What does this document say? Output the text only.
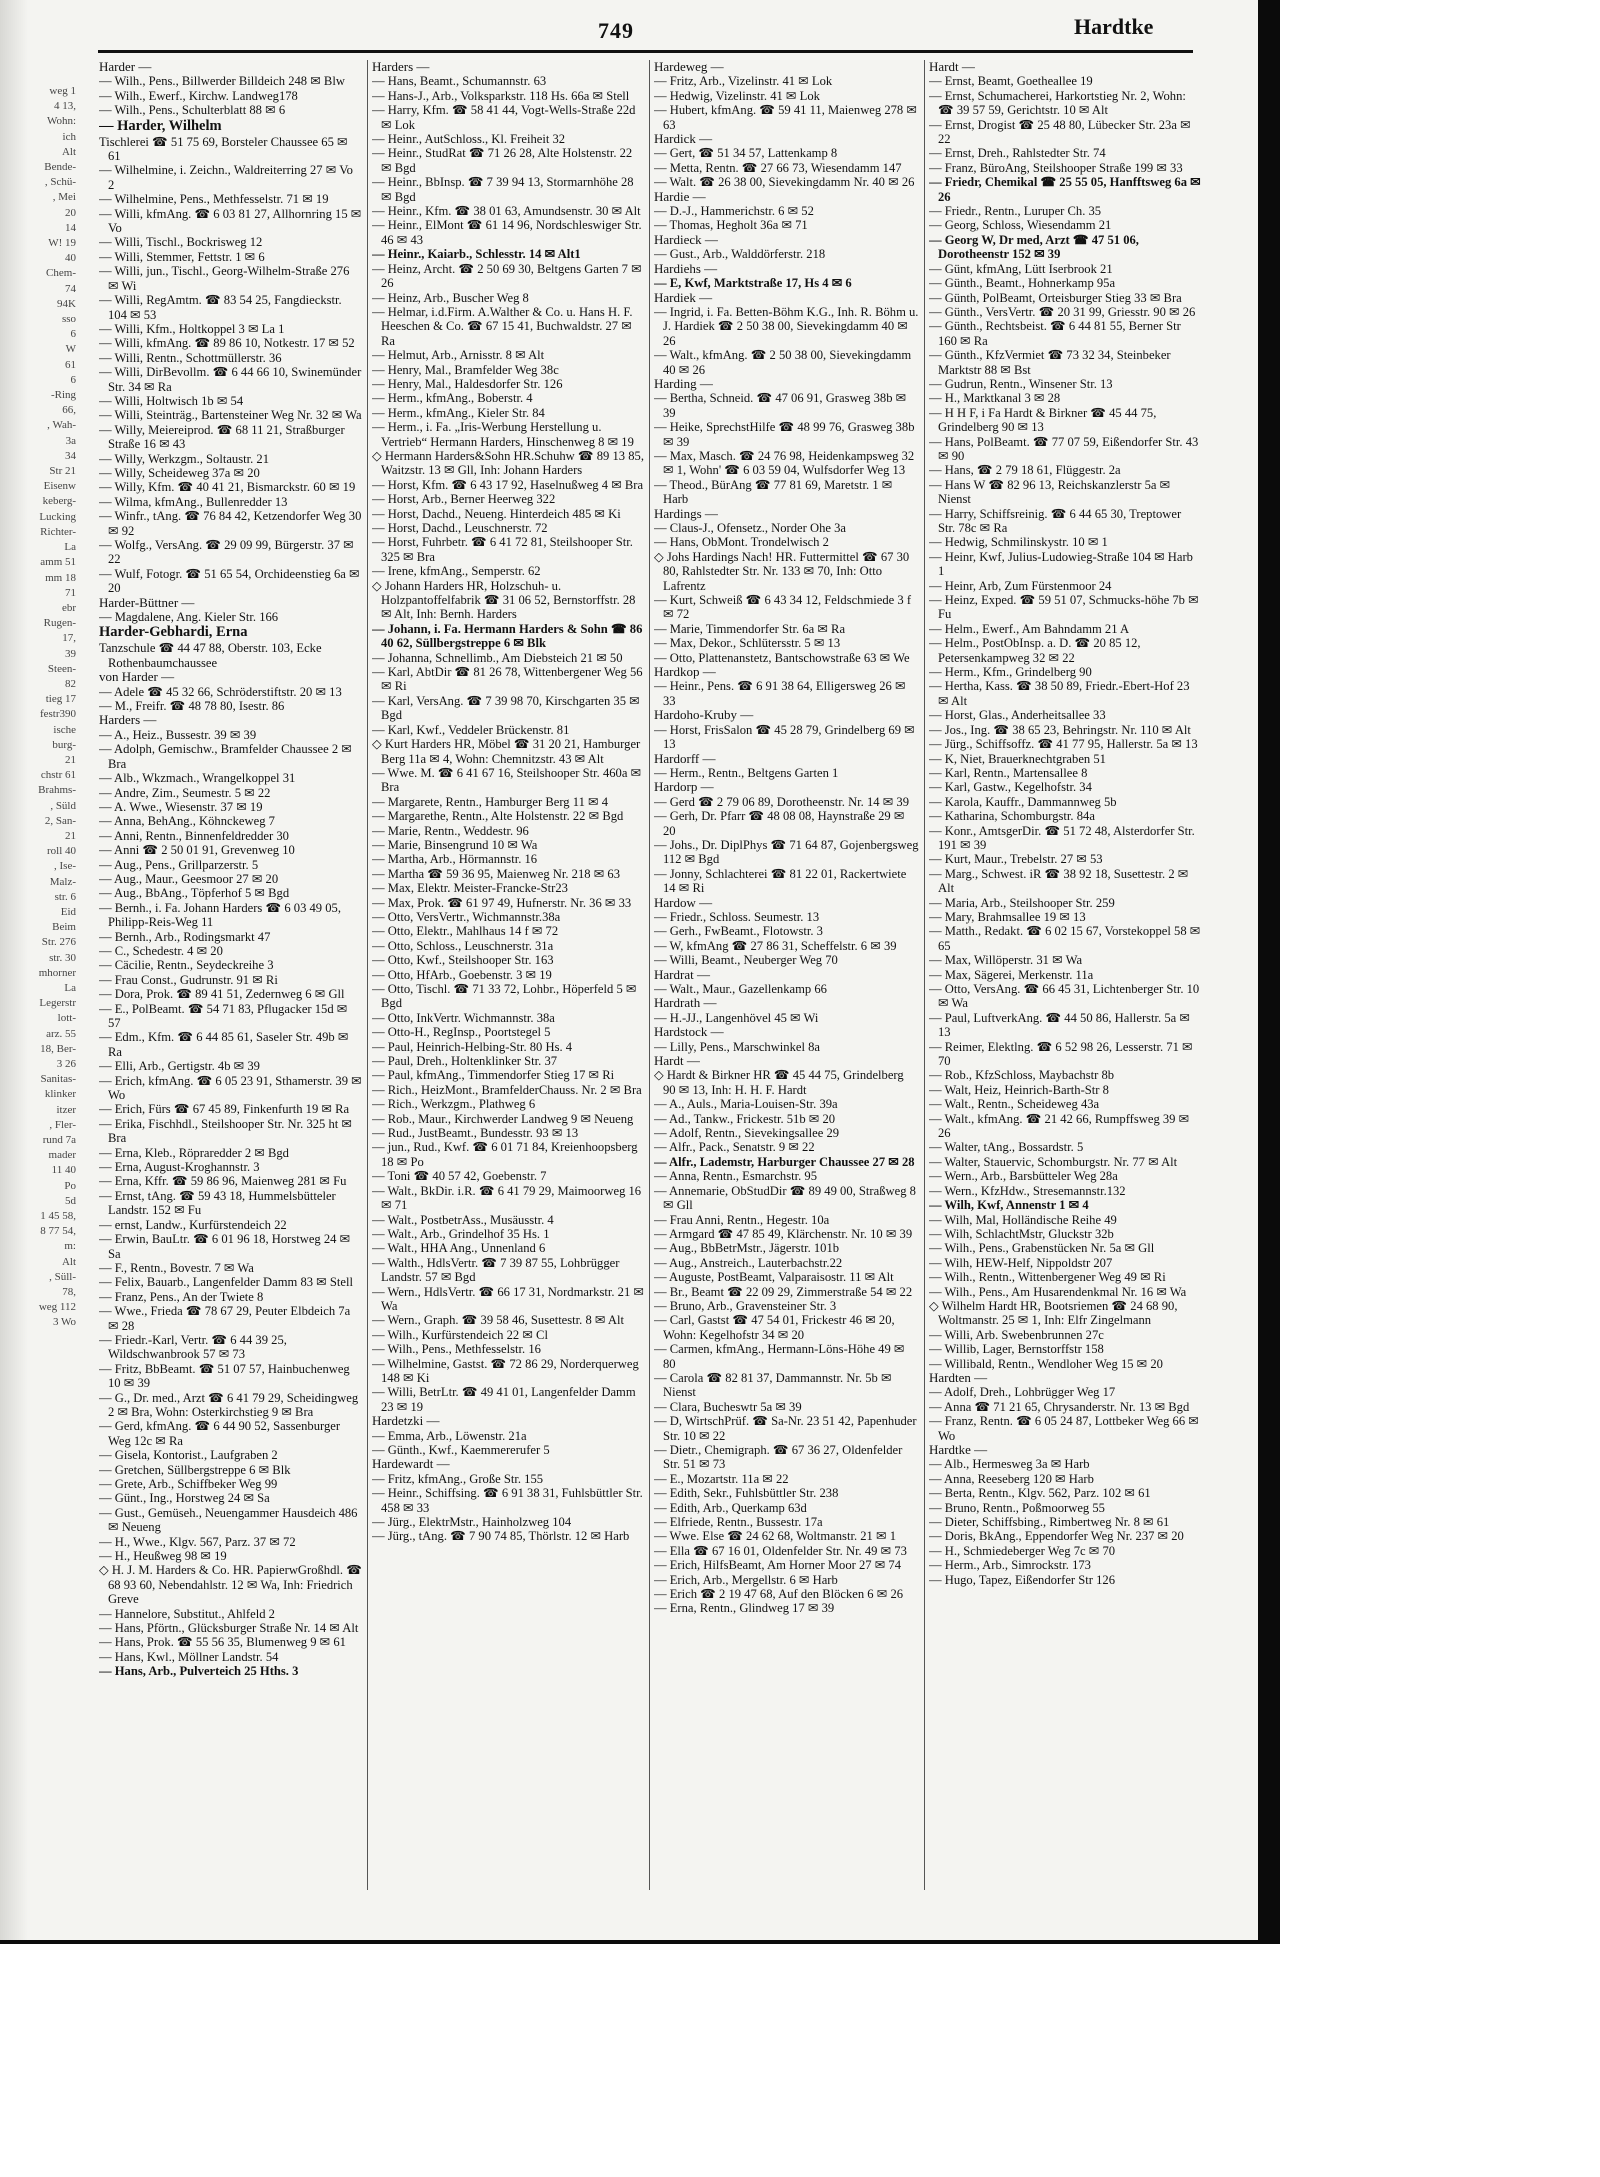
weg 1
4 13,
Wohn:
ich
Alt
Bende-
, Schü-
, Mei
20
14
W! 19
40
Chem-
74
94K
sso
6
W
61
6
-Ring
66,
, Wah-
3a
34
Str 21
Eisenw
keberg-
Lucking
Richter-
La
amm 51
mm 18
71
ebr
Rugen-
17,
39
Steen-
82
tieg 17
festr390
ische
burg-
21
chstr 61
Brahms-
, Süld
2, San-
21
roll 40
, Ise-
Malz-
str. 6
Eid
Beim
Str. 276
str. 30
mhorner
La
Legerstr
lott-
arz. 55
18, Ber-
3 26
Sanitas-
klinker
itzer
, Fler-
rund 7a
mader
11 40
Po
5d
1 45 58,
8 77 54,
m:
Alt
, Süll-
78,
weg 112
3 Wo
749	Hardtke

Harder —

— Wilh., Pens., Billwerder Billdeich 248 ✉ Blw

— Wilh., Ewerf., Kirchw. Landweg178

— Wilh., Pens., Schulterblatt 88 ✉ 6

— Harder, Wilhelm

Tischlerei ☎ 51 75 69, Borsteler Chaussee 65 ✉ 61

— Wilhelmine, i. Zeichn., Waldreiterring 27 ✉ Vo 2

— Wilhelmine, Pens., Methfesselstr. 71 ✉ 19

— Willi, kfmAng. ☎ 6 03 81 27, Allhornring 15 ✉ Vo

— Willi, Tischl., Bockrisweg 12

— Willi, Stemmer, Fettstr. 1 ✉ 6

— Willi, jun., Tischl., Georg-Wilhelm-Straße 276 ✉ Wi

— Willi, RegAmtm. ☎ 83 54 25, Fangdieckstr. 104 ✉ 53

— Willi, Kfm., Holtkoppel 3 ✉ La 1

— Willi, kfmAng. ☎ 89 86 10, Notkestr. 17 ✉ 52

— Willi, Rentn., Schottmüllerstr. 36

— Willi, DirBevollm. ☎ 6 44 66 10, Swinemünder Str. 34 ✉ Ra

— Willi, Holtwisch 1b ✉ 54

— Willi, Steinträg., Bartensteiner Weg Nr. 32 ✉ Wa

— Willy, Meiereiprod. ☎ 68 11 21, Straßburger Straße 16 ✉ 43

— Willy, Werkzgm., Soltaustr. 21

— Willy, Scheideweg 37a ✉ 20

— Willy, Kfm. ☎ 40 41 21, Bismarckstr. 60 ✉ 19

— Wilma, kfmAng., Bullenredder 13

— Winfr., tAng. ☎ 76 84 42, Ketzendorfer Weg 30 ✉ 92

— Wolfg., VersAng. ☎ 29 09 99, Bürgerstr. 37 ✉ 22

— Wulf, Fotogr. ☎ 51 65 54, Orchideenstieg 6a ✉ 20

Harder-Büttner —

— Magdalene, Ang. Kieler Str. 166

Harder-Gebhardi, Erna

Tanzschule ☎ 44 47 88, Oberstr. 103, Ecke Rothenbaumchaussee

von Harder —

— Adele ☎ 45 32 66, Schröderstiftstr. 20 ✉ 13

— M., Freifr. ☎ 48 78 80, Isestr. 86

Harders —

— A., Heiz., Bussestr. 39 ✉ 39

— Adolph, Gemischw., Bramfelder Chaussee 2 ✉ Bra

— Alb., Wkzmach., Wrangelkoppel 31

— Andre, Zim., Seumestr. 5 ✉ 22

— A. Wwe., Wiesenstr. 37 ✉ 19

— Anna, BehAng., Köhnckeweg 7

— Anni, Rentn., Binnenfeldredder 30

— Anni ☎ 2 50 01 91, Grevenweg 10

— Aug., Pens., Grillparzerstr. 5

— Aug., Maur., Geesmoor 27 ✉ 20

— Aug., BbAng., Töpferhof 5 ✉ Bgd

— Bernh., i. Fa. Johann Harders ☎ 6 03 49 05, Philipp-Reis-Weg 11

— Bernh., Arb., Rodingsmarkt 47

— C., Schedestr. 4 ✉ 20

— Cäcilie, Rentn., Seydeckreihe 3

— Frau Const., Gudrunstr. 91 ✉ Ri

— Dora, Prok. ☎ 89 41 51, Zedernweg 6 ✉ Gll

— E., PolBeamt. ☎ 54 71 83, Pflugacker 15d ✉ 57

— Edm., Kfm. ☎ 6 44 85 61, Saseler Str. 49b ✉ Ra

— Elli, Arb., Gertigstr. 4b ✉ 39

— Erich, kfmAng. ☎ 6 05 23 91, Sthamerstr. 39 ✉ Wo

— Erich, Fürs ☎ 67 45 89, Finkenfurth 19 ✉ Ra

— Erika, Fischhdl., Steilshooper Str. Nr. 325 ht ✉ Bra

— Erna, Kleb., Röpraredder 2 ✉ Bgd

— Erna, August-Kroghannstr. 3

— Erna, Kffr. ☎ 59 86 96, Maienweg 281 ✉ Fu

— Ernst, tAng. ☎ 59 43 18, Hummelsbütteler Landstr. 152 ✉ Fu

— ernst, Landw., Kurfürstendeich 22

— Erwin, BauLtr. ☎ 6 01 96 18, Horstweg 24 ✉ Sa

— F., Rentn., Bovestr. 7 ✉ Wa

— Felix, Bauarb., Langenfelder Damm 83 ✉ Stell

— Franz, Pens., An der Twiete 8

— Wwe., Frieda ☎ 78 67 29, Peuter Elbdeich 7a ✉ 28

— Friedr.-Karl, Vertr. ☎ 6 44 39 25, Wildschwanbrook 57 ✉ 73

— Fritz, BbBeamt. ☎ 51 07 57, Hainbuchenweg 10 ✉ 39

— G., Dr. med., Arzt ☎ 6 41 79 29, Scheidingweg 2 ✉ Bra, Wohn: Osterkirchstieg 9 ✉ Bra

— Gerd, kfmAng. ☎ 6 44 90 52, Sassenburger Weg 12c ✉ Ra

— Gisela, Kontorist., Laufgraben 2

— Gretchen, Süllbergstreppe 6 ✉ Blk

— Grete, Arb., Schiffbeker Weg 99

— Günt., Ing., Horstweg 24 ✉ Sa

— Gust., Gemüseh., Neuengammer Hausdeich 486 ✉ Neueng

— H., Wwe., Klgv. 567, Parz. 37 ✉ 72

— H., Heußweg 98 ✉ 19

◇ H. J. M. Harders & Co. HR. PapierwGroßhdl. ☎ 68 93 60, Nebendahlstr. 12 ✉ Wa, Inh: Friedrich Greve

— Hannelore, Substitut., Ahlfeld 2

— Hans, Pförtn., Glücksburger Straße Nr. 14 ✉ Alt

— Hans, Prok. ☎ 55 56 35, Blumenweg 9 ✉ 61

— Hans, Kwl., Möllner Landstr. 54

— Hans, Arb., Pulverteich 25 Hths. 3

Harders —

— Hans, Beamt., Schumannstr. 63

— Hans-J., Arb., Volksparkstr. 118 Hs. 66a ✉ Stell

— Harry, Kfm. ☎ 58 41 44, Vogt-Wells-Straße 22d ✉ Lok

— Heinr., AutSchloss., Kl. Freiheit 32

— Heinr., StudRat ☎ 71 26 28, Alte Holstenstr. 22 ✉ Bgd

— Heinr., BbInsp. ☎ 7 39 94 13, Stormarnhöhe 28 ✉ Bgd

— Heinr., Kfm. ☎ 38 01 63, Amundsenstr. 30 ✉ Alt

— Heinr., ElMont ☎ 61 14 96, Nordschleswiger Str. 46 ✉ 43

— Heinr., Kaiarb., Schlesstr. 14 ✉ Alt1

— Heinz, Archt. ☎ 2 50 69 30, Beltgens Garten 7 ✉ 26

— Heinz, Arb., Buscher Weg 8

— Helmar, i.d.Firm. A.Walther & Co. u. Hans H. F. Heeschen & Co. ☎ 67 15 41, Buchwaldstr. 27 ✉ Ra

— Helmut, Arb., Arnisstr. 8 ✉ Alt

— Henry, Mal., Bramfelder Weg 38c

— Henry, Mal., Haldesdorfer Str. 126

— Herm., kfmAng., Boberstr. 4

— Herm., kfmAng., Kieler Str. 84

— Herm., i. Fa. „Iris-Werbung Herstellung u. Vertrieb“ Hermann Harders, Hinschenweg 8 ✉ 19

◇ Hermann Harders&Sohn HR.Schuhw ☎ 89 13 85, Waitzstr. 13 ✉ Gll, Inh: Johann Harders

— Horst, Kfm. ☎ 6 43 17 92, Haselnußweg 4 ✉ Bra

— Horst, Arb., Berner Heerweg 322

— Horst, Dachd., Neueng. Hinterdeich 485 ✉ Ki

— Horst, Dachd., Leuschnerstr. 72

— Horst, Fuhrbetr. ☎ 6 41 72 81, Steilshooper Str. 325 ✉ Bra

— Irene, kfmAng., Semperstr. 62

◇ Johann Harders HR, Holzschuh- u. Holzpantoffelfabrik ☎ 31 06 52, Bernstorffstr. 28 ✉ Alt, Inh: Bernh. Harders

— Johann, i. Fa. Hermann Harders & Sohn ☎ 86 40 62, Süllbergstreppe 6 ✉ Blk

— Johanna, Schnellimb., Am Diebsteich 21 ✉ 50

— Karl, AbtDir ☎ 81 26 78, Wittenbergener Weg 56 ✉ Ri

— Karl, VersAng. ☎ 7 39 98 70, Kirschgarten 35 ✉ Bgd

— Karl, Kwf., Veddeler Brückenstr. 81

◇ Kurt Harders HR, Möbel ☎ 31 20 21, Hamburger Berg 11a ✉ 4, Wohn: Chemnitzstr. 43 ✉ Alt

— Wwe. M. ☎ 6 41 67 16, Steilshooper Str. 460a ✉ Bra

— Margarete, Rentn., Hamburger Berg 11 ✉ 4

— Margarethe, Rentn., Alte Holstenstr. 22 ✉ Bgd

— Marie, Rentn., Weddestr. 96

— Marie, Binsengrund 10 ✉ Wa

— Martha, Arb., Hörmannstr. 16

— Martha ☎ 59 36 95, Maienweg Nr. 218 ✉ 63

— Max, Elektr. Meister-Francke-Str23

— Max, Prok. ☎ 61 97 49, Hufnerstr. Nr. 36 ✉ 33

— Otto, VersVertr., Wichmannstr.38a

— Otto, Elektr., Mahlhaus 14 f ✉ 72

— Otto, Schloss., Leuschnerstr. 31a

— Otto, Kwf., Steilshooper Str. 163

— Otto, HfArb., Goebenstr. 3 ✉ 19

— Otto, Tischl. ☎ 71 33 72, Lohbr., Höperfeld 5 ✉ Bgd

— Otto, InkVertr. Wichmannstr. 38a

— Otto-H., RegInsp., Poortstegel 5

— Paul, Heinrich-Helbing-Str. 80 Hs. 4

— Paul, Dreh., Holtenklinker Str. 37

— Paul, kfmAng., Timmendorfer Stieg 17 ✉ Ri

— Rich., HeizMont., BramfelderChauss. Nr. 2 ✉ Bra

— Rich., Werkzgm., Plathweg 6

— Rob., Maur., Kirchwerder Landweg 9 ✉ Neueng

— Rud., JustBeamt., Bundesstr. 93 ✉ 13

— jun., Rud., Kwf. ☎ 6 01 71 84, Kreienhoopsberg 18 ✉ Po

— Toni ☎ 40 57 42, Goebenstr. 7

— Walt., BkDir. i.R. ☎ 6 41 79 29, Maimoorweg 16 ✉ 71

— Walt., PostbetrAss., Musäusstr. 4

— Walt., Arb., Grindelhof 35 Hs. 1

— Walt., HHA Ang., Unnenland 6

— Walth., HdlsVertr. ☎ 7 39 87 55, Lohbrügger Landstr. 57 ✉ Bgd

— Wern., HdlsVertr. ☎ 66 17 31, Nordmarkstr. 21 ✉ Wa

— Wern., Graph. ☎ 39 58 46, Susettestr. 8 ✉ Alt

— Wilh., Kurfürstendeich 22 ✉ Cl

— Wilh., Pens., Methfesselstr. 16

— Wilhelmine, Gastst. ☎ 72 86 29, Norderquerweg 148 ✉ Ki

— Willi, BetrLtr. ☎ 49 41 01, Langenfelder Damm 23 ✉ 19

Hardetzki —

— Emma, Arb., Löwenstr. 21a

— Günth., Kwf., Kaemmererufer 5

Hardewardt —

— Fritz, kfmAng., Große Str. 155

— Heinr., Schiffsing. ☎ 6 91 38 31, Fuhlsbüttler Str. 458 ✉ 33

— Jürg., ElektrMstr., Hainholzweg 104

— Jürg., tAng. ☎ 7 90 74 85, Thörlstr. 12 ✉ Harb

Hardeweg —

— Fritz, Arb., Vizelinstr. 41 ✉ Lok

— Hedwig, Vizelinstr. 41 ✉ Lok

— Hubert, kfmAng. ☎ 59 41 11, Maienweg 278 ✉ 63

Hardick —

— Gert, ☎ 51 34 57, Lattenkamp 8

— Metta, Rentn. ☎ 27 66 73, Wiesendamm 147

— Walt. ☎ 26 38 00, Sievekingdamm Nr. 40 ✉ 26

Hardie —

— D.-J., Hammerichstr. 6 ✉ 52

— Thomas, Hegholt 36a ✉ 71

Hardieck —

— Gust., Arb., Walddörferstr. 218

Hardiehs —

— E, Kwf, Marktstraße 17, Hs 4 ✉ 6

Hardiek —

— Ingrid, i. Fa. Betten-Böhm K.G., Inh. R. Böhm u. J. Hardiek ☎ 2 50 38 00, Sievekingdamm 40 ✉ 26

— Walt., kfmAng. ☎ 2 50 38 00, Sievekingdamm 40 ✉ 26

Harding —

— Bertha, Schneid. ☎ 47 06 91, Grasweg 38b ✉ 39

— Heike, SprechstHilfe ☎ 48 99 76, Grasweg 38b ✉ 39

— Max, Masch. ☎ 24 76 98, Heidenkampsweg 32 ✉ 1, Wohn' ☎ 6 03 59 04, Wulfsdorfer Weg 13

— Theod., BürAng ☎ 77 81 69, Maretstr. 1 ✉ Harb

Hardings —

— Claus-J., Ofensetz., Norder Ohe 3a

— Hans, ObMont. Trondelwisch 2

◇ Johs Hardings Nach! HR. Futtermittel ☎ 67 30 80, Rahlstedter Str. Nr. 133 ✉ 70, Inh: Otto Lafrentz

— Kurt, Schweiß ☎ 6 43 34 12, Feldschmiede 3 f ✉ 72

— Marie, Timmendorfer Str. 6a ✉ Ra

— Max, Dekor., Schlütersstr. 5 ✉ 13

— Otto, Plattenanstetz, Bantschowstraße 63 ✉ We

Hardkop —

— Heinr., Pens. ☎ 6 91 38 64, Elligersweg 26 ✉ 33

Hardoho-Kruby —

— Horst, FrisSalon ☎ 45 28 79, Grindelberg 69 ✉ 13

Hardorff —

— Herm., Rentn., Beltgens Garten 1

Hardorp —

— Gerd ☎ 2 79 06 89, Dorotheenstr. Nr. 14 ✉ 39

— Gerh, Dr. Pfarr ☎ 48 08 08, Haynstraße 29 ✉ 20

— Johs., Dr. DiplPhys ☎ 71 64 87, Gojenbergsweg 112 ✉ Bgd

— Jonny, Schlachterei ☎ 81 22 01, Rackertwiete 14 ✉ Ri

Hardow —

— Friedr., Schloss. Seumestr. 13

— Gerh., FwBeamt., Flotowstr. 3

— W, kfmAng ☎ 27 86 31, Scheffelstr. 6 ✉ 39

— Willi, Beamt., Neuberger Weg 70

Hardrat —

— Walt., Maur., Gazellenkamp 66

Hardrath —

— H.-JJ., Langenhövel 45 ✉ Wi

Hardstock —

— Lilly, Pens., Marschwinkel 8a

Hardt —

◇ Hardt & Birkner HR ☎ 45 44 75, Grindelberg 90 ✉ 13, Inh: H. H. F. Hardt

— A., Auls., Maria-Louisen-Str. 39a

— Ad., Tankw., Frickestr. 51b ✉ 20

— Adolf, Rentn., Sievekingsallee 29

— Alfr., Pack., Senatstr. 9 ✉ 22

— Alfr., Lademstr, Harburger Chaussee 27 ✉ 28

— Anna, Rentn., Esmarchstr. 95

— Annemarie, ObStudDir ☎ 89 49 00, Straßweg 8 ✉ Gll

— Frau Anni, Rentn., Hegestr. 10a

— Armgard ☎ 47 85 49, Klärchenstr. Nr. 10 ✉ 39

— Aug., BbBetrMstr., Jägerstr. 101b

— Aug., Anstreich., Lauterbachstr.22

— Auguste, PostBeamt, Valparaisostr. 11 ✉ Alt

— Br., Beamt ☎ 22 09 29, Zimmerstraße 54 ✉ 22

— Bruno, Arb., Gravensteiner Str. 3

— Carl, Gastst ☎ 47 54 01, Frickestr 46 ✉ 20, Wohn: Kegelhofstr 34 ✉ 20

— Carmen, kfmAng., Hermann-Löns-Höhe 49 ✉ 80

— Carola ☎ 82 81 37, Dammannstr. Nr. 5b ✉ Nienst

— Clara, Bucheswtr 5a ✉ 39

— D, WirtschPrüf. ☎ Sa-Nr. 23 51 42, Papenhuder Str. 10 ✉ 22

— Dietr., Chemigraph. ☎ 67 36 27, Oldenfelder Str. 51 ✉ 73

— E., Mozartstr. 11a ✉ 22

— Edith, Sekr., Fuhlsbüttler Str. 238

— Edith, Arb., Querkamp 63d

— Elfriede, Rentn., Bussestr. 17a

— Wwe. Else ☎ 24 62 68, Woltmanstr. 21 ✉ 1

— Ella ☎ 67 16 01, Oldenfelder Str. Nr. 49 ✉ 73

— Erich, HilfsBeamt, Am Horner Moor 27 ✉ 74

— Erich, Arb., Mergellstr. 6 ✉ Harb

— Erich ☎ 2 19 47 68, Auf den Blöcken 6 ✉ 26

— Erna, Rentn., Glindweg 17 ✉ 39

Hardt —

— Ernst, Beamt, Goetheallee 19

— Ernst, Schumacherei, Harkortstieg Nr. 2, Wohn: ☎ 39 57 59, Gerichtstr. 10 ✉ Alt

— Ernst, Drogist ☎ 25 48 80, Lübecker Str. 23a ✉ 22

— Ernst, Dreh., Rahlstedter Str. 74

— Franz, BüroAng, Steilshooper Straße 199 ✉ 33

— Friedr, Chemikal ☎ 25 55 05, Hanfftsweg 6a ✉ 26

— Friedr., Rentn., Luruper Ch. 35

— Georg, Schloss, Wiesendamm 21

— Georg W, Dr med, Arzt ☎ 47 51 06, Dorotheenstr 152 ✉ 39

— Günt, kfmAng, Lütt Iserbrook 21

— Günth., Beamt., Hohnerkamp 95a

— Günth, PolBeamt, Orteisburger Stieg 33 ✉ Bra

— Günth., VersVertr. ☎ 20 31 99, Griesstr. 90 ✉ 26

— Günth., Rechtsbeist. ☎ 6 44 81 55, Berner Str 160 ✉ Ra

— Günth., KfzVermiet ☎ 73 32 34, Steinbeker Marktstr 88 ✉ Bst

— Gudrun, Rentn., Winsener Str. 13

— H., Marktkanal 3 ✉ 28

— H H F, i Fa Hardt & Birkner ☎ 45 44 75, Grindelberg 90 ✉ 13

— Hans, PolBeamt. ☎ 77 07 59, Eißendorfer Str. 43 ✉ 90

— Hans, ☎ 2 79 18 61, Flüggestr. 2a

— Hans W ☎ 82 96 13, Reichskanzlerstr 5a ✉ Nienst

— Harry, Schiffsreinig. ☎ 6 44 65 30, Treptower Str. 78c ✉ Ra

— Hedwig, Schmilinskystr. 10 ✉ 1

— Heinr, Kwf, Julius-Ludowieg-Straße 104 ✉ Harb 1

— Heinr, Arb, Zum Fürstenmoor 24

— Heinz, Exped. ☎ 59 51 07, Schmucks-höhe 7b ✉ Fu

— Helm., Ewerf., Am Bahndamm 21 A

— Helm., PostObInsp. a. D. ☎ 20 85 12, Petersenkampweg 32 ✉ 22

— Herm., Kfm., Grindelberg 90

— Hertha, Kass. ☎ 38 50 89, Friedr.-Ebert-Hof 23 ✉ Alt

— Horst, Glas., Anderheitsallee 33

— Jos., Ing. ☎ 38 65 23, Behringstr. Nr. 110 ✉ Alt

— Jürg., Schiffsoffz. ☎ 41 77 95, Hallerstr. 5a ✉ 13

— K, Niet, Brauerknechtgraben 51

— Karl, Rentn., Martensallee 8

— Karl, Gastw., Kegelhofstr. 34

— Karola, Kauffr., Dammannweg 5b

— Katharina, Schomburgstr. 84a

— Konr., AmtsgerDir. ☎ 51 72 48, Alsterdorfer Str. 191 ✉ 39

— Kurt, Maur., Trebelstr. 27 ✉ 53

— Marg., Schwest. iR ☎ 38 92 18, Susettestr. 2 ✉ Alt

— Maria, Arb., Steilshooper Str. 259

— Mary, Brahmsallee 19 ✉ 13

— Matth., Redakt. ☎ 6 02 15 67, Vorstekoppel 58 ✉ 65

— Max, Willöperstr. 31 ✉ Wa

— Max, Sägerei, Merkenstr. 11a

— Otto, VersAng. ☎ 66 45 31, Lichtenberger Str. 10 ✉ Wa

— Paul, LuftverkAng. ☎ 44 50 86, Hallerstr. 5a ✉ 13

— Reimer, Elektlng. ☎ 6 52 98 26, Lesserstr. 71 ✉ 70

— Rob., KfzSchloss, Maybachstr 8b

— Walt, Heiz, Heinrich-Barth-Str 8

— Walt., Rentn., Scheideweg 43a

— Walt., kfmAng. ☎ 21 42 66, Rumpffsweg 39 ✉ 26

— Walter, tAng., Bossardstr. 5

— Walter, Stauervic, Schomburgstr. Nr. 77 ✉ Alt

— Wern., Arb., Barsbütteler Weg 28a

— Wern., KfzHdw., Stresemannstr.132

— Wilh, Kwf, Annenstr 1 ✉ 4

— Wilh, Mal, Holländische Reihe 49

— Wilh, SchlachtMstr, Gluckstr 32b

— Wilh., Pens., Grabenstücken Nr. 5a ✉ Gll

— Wilh, HEW-Helf, Nippoldstr 207

— Wilh., Rentn., Wittenbergener Weg 49 ✉ Ri

— Wilh., Pens., Am Husarendenkmal Nr. 16 ✉ Wa

◇ Wilhelm Hardt HR, Bootsriemen ☎ 24 68 90, Woltmanstr. 25 ✉ 1, Inh: Elfr Zingelmann

— Willi, Arb. Swebenbrunnen 27c

— Willib, Lager, Bernstorffstr 158

— Willibald, Rentn., Wendloher Weg 15 ✉ 20

Hardten —

— Adolf, Dreh., Lohbrügger Weg 17

— Anna ☎ 71 21 65, Chrysanderstr. Nr. 13 ✉ Bgd

— Franz, Rentn. ☎ 6 05 24 87, Lottbeker Weg 66 ✉ Wo

Hardtke —

— Alb., Hermesweg 3a ✉ Harb

— Anna, Reeseberg 120 ✉ Harb

— Berta, Rentn., Klgv. 562, Parz. 102 ✉ 61

— Bruno, Rentn., Poßmoorweg 55

— Dieter, Schiffsbing., Rimbertweg Nr. 8 ✉ 61

— Doris, BkAng., Eppendorfer Weg Nr. 237 ✉ 20

— H., Schmiedeberger Weg 7c ✉ 70

— Herm., Arb., Simrockstr. 173

— Hugo, Tapez, Eißendorfer Str 126
